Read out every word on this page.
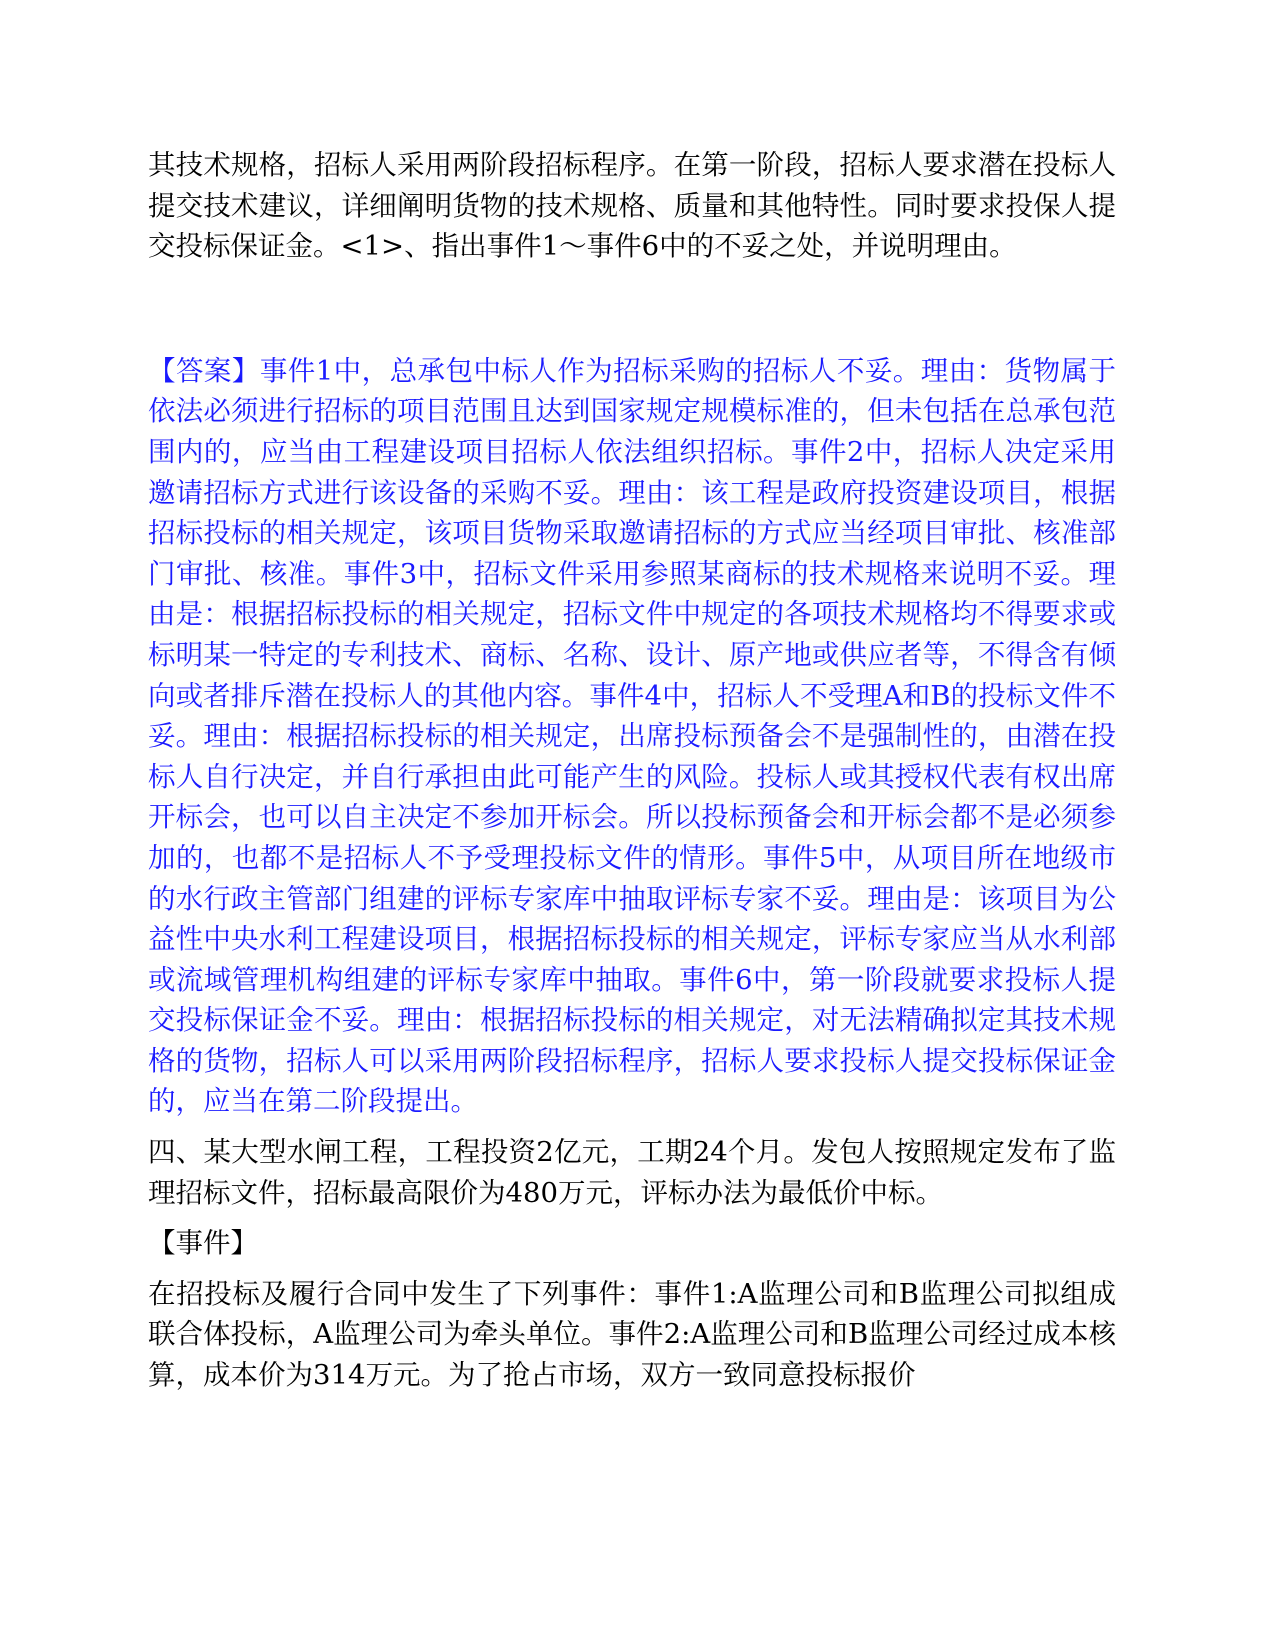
其技术规格，招标人采用两阶段招标程序。在第一阶段，招标人要求潜在投标人提交技术建议，详细阐明货物的技术规格、质量和其他特性。同时要求投保人提交投标保证金。<1>、指出事件1～事件6中的不妥之处，并说明理由。

【答案】事件1中，总承包中标人作为招标采购的招标人不妥。理由：货物属于依法必须进行招标的项目范围且达到国家规定规模标准的，但未包括在总承包范围内的，应当由工程建设项目招标人依法组织招标。事件2中，招标人决定采用邀请招标方式进行该设备的采购不妥。理由：该工程是政府投资建设项目，根据招标投标的相关规定，该项目货物采取邀请招标的方式应当经项目审批、核准部门审批、核准。事件3中，招标文件采用参照某商标的技术规格来说明不妥。理由是：根据招标投标的相关规定，招标文件中规定的各项技术规格均不得要求或标明某一特定的专利技术、商标、名称、设计、原产地或供应者等，不得含有倾向或者排斥潜在投标人的其他内容。事件4中，招标人不受理A和B的投标文件不妥。理由：根据招标投标的相关规定，出席投标预备会不是强制性的，由潜在投标人自行决定，并自行承担由此可能产生的风险。投标人或其授权代表有权出席开标会，也可以自主决定不参加开标会。所以投标预备会和开标会都不是必须参加的，也都不是招标人不予受理投标文件的情形。事件5中，从项目所在地级市的水行政主管部门组建的评标专家库中抽取评标专家不妥。理由是：该项目为公益性中央水利工程建设项目，根据招标投标的相关规定，评标专家应当从水利部或流域管理机构组建的评标专家库中抽取。事件6中，第一阶段就要求投标人提交投标保证金不妥。理由：根据招标投标的相关规定，对无法精确拟定其技术规格的货物，招标人可以采用两阶段招标程序，招标人要求投标人提交投标保证金的，应当在第二阶段提出。

四、某大型水闸工程，工程投资2亿元，工期24个月。发包人按照规定发布了监理招标文件，招标最高限价为480万元，评标办法为最低价中标。

【事件】

在招投标及履行合同中发生了下列事件：事件1:A监理公司和B监理公司拟组成联合体投标，A监理公司为牵头单位。事件2:A监理公司和B监理公司经过成本核算，成本价为314万元。为了抢占市场，双方一致同意投标报价
